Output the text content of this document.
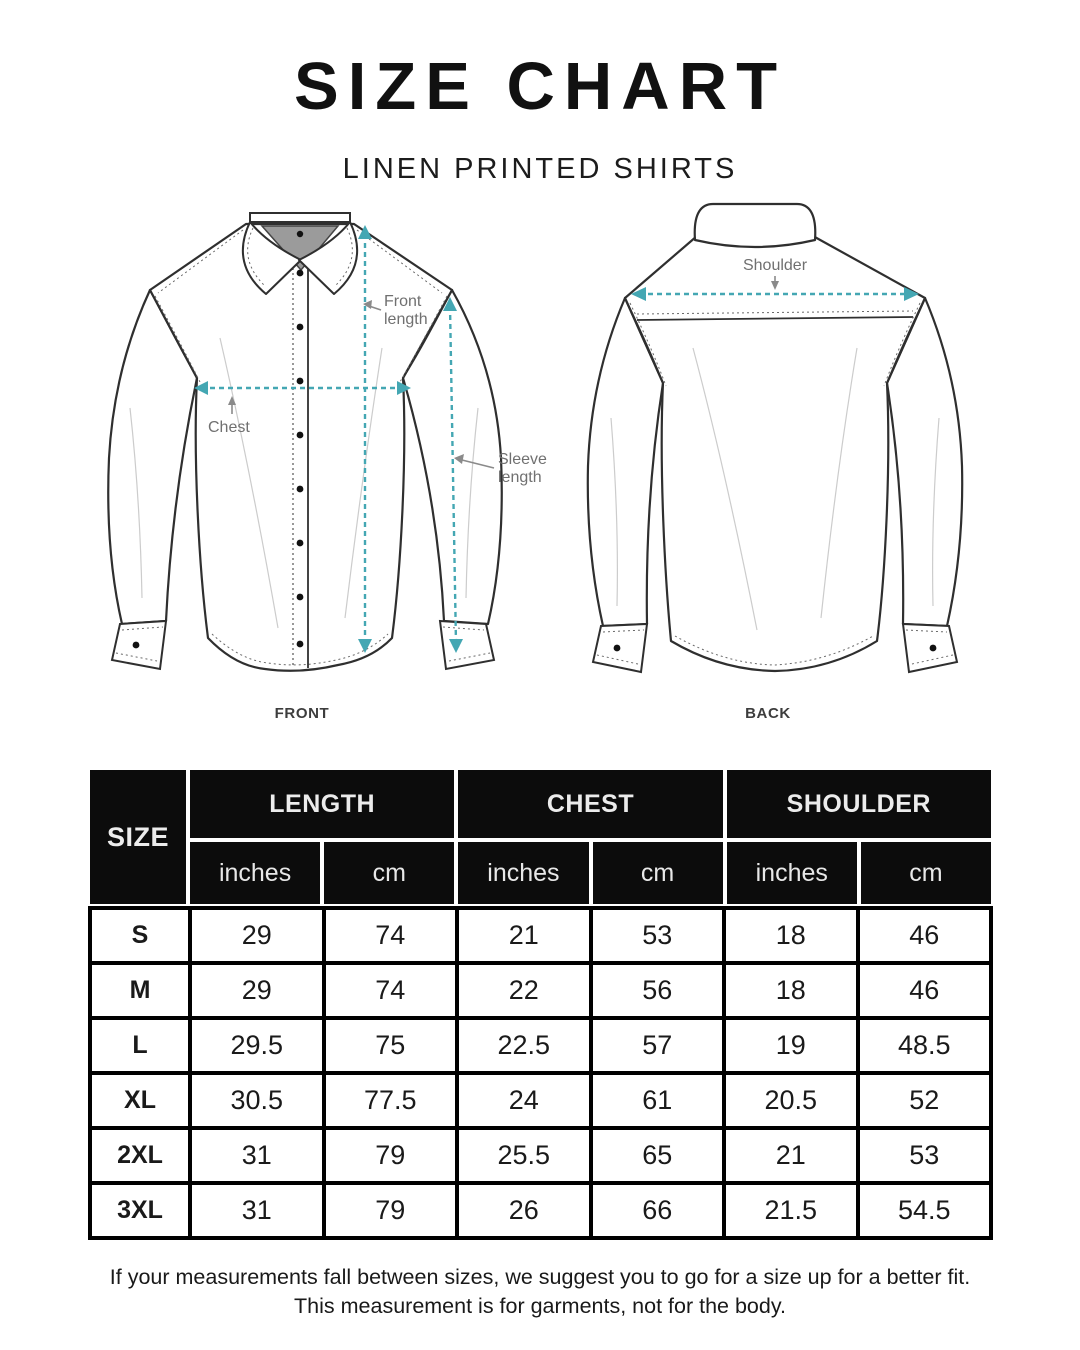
SIZE CHART
LINEN PRINTED SHIRTS
Front
length
Chest
Sleeve
length
Shoulder
FRONT	BACK
SIZE
LENGTH	CHEST	SHOULDER
inches	cm	inches	cm	inches	cm
S	29	74	21	53	18	46
M	29	74	22	56	18	46
L	29.5	75	22.5	57	19	48.5
XL	30.5	77.5	24	61	20.5	52
2XL	31	79	25.5	65	21	53
3XL	31	79	26	66	21.5	54.5
If your measurements fall between sizes, we suggest you to go for a size up for a better fit.
This measurement is for garments, not for the body.
